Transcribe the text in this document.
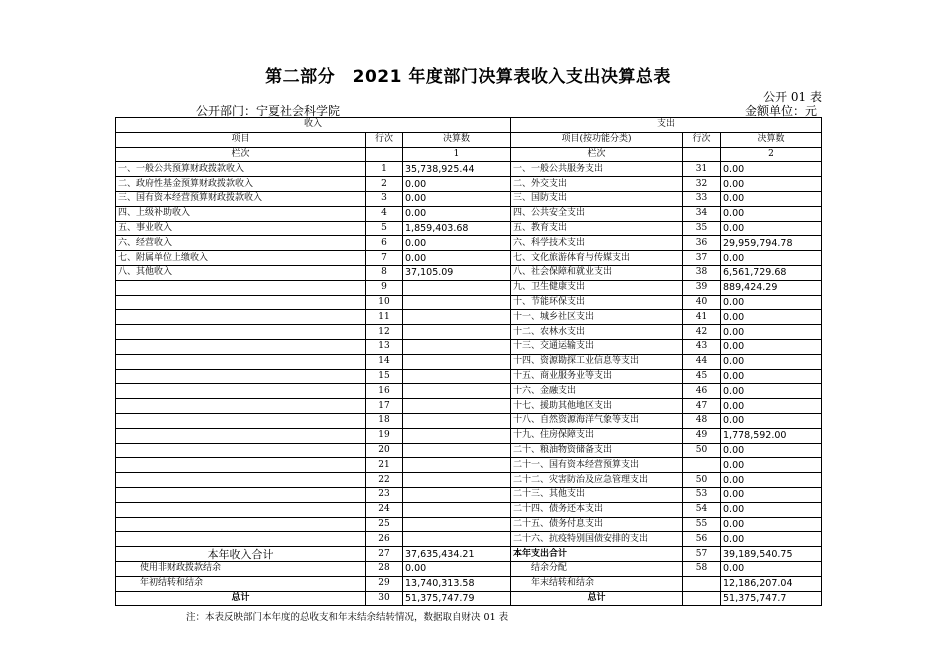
第二部分　2021 年度部门决算表收入支出决算总表
公开 01 表
公开部门：宁夏社会科学院	金额单位：元
收入			支出		
项目	行次	决算数	项目(按功能分类)	行次	决算数
栏次		1	栏次		2
一、一般公共预算财政拨款收入	1	35,738,925.44	一、一般公共服务支出	31	0.00
二、政府性基金预算财政拨款收入	2	0.00	二、外交支出	32	0.00
三、国有资本经营预算财政拨款收入	3	0.00	三、国防支出	33	0.00
四、上级补助收入	4	0.00	四、公共安全支出	34	0.00
五、事业收入	5	1,859,403.68	五、教育支出	35	0.00
六、经营收入	6	0.00	六、科学技术支出	36	29,959,794.78
七、附属单位上缴收入	7	0.00	七、文化旅游体育与传媒支出	37	0.00
八、其他收入	8	37,105.09	八、社会保障和就业支出	38	6,561,729.68
	9		九、卫生健康支出	39	889,424.29
	10		十、节能环保支出	40	0.00
	11		十一、城乡社区支出	41	0.00
	12		十二、农林水支出	42	0.00
	13		十三、交通运输支出	43	0.00
	14		十四、资源勘探工业信息等支出	44	0.00
	15		十五、商业服务业等支出	45	0.00
	16		十六、金融支出	46	0.00
	17		十七、援助其他地区支出	47	0.00
	18		十八、自然资源海洋气象等支出	48	0.00
	19		十九、住房保障支出	49	1,778,592.00
	20		二十、粮油物资储备支出	50	0.00
	21		二十一、国有资本经营预算支出		0.00
	22		二十二、灾害防治及应急管理支出	50	0.00
	23		二十三、其他支出	53	0.00
	24		二十四、债务还本支出	54	0.00
	25		二十五、债务付息支出	55	0.00
	26		二十六、抗疫特别国债安排的支出	56	0.00
本年收入合计	27	37,635,434.21	本年支出合计	57	39,189,540.75
使用非财政拨款结余	28	0.00	结余分配	58	0.00
年初结转和结余	29	13,740,313.58	年末结转和结余		12,186,207.04
总计	30	51,375,747.79	总计		51,375,747.7
注：本表反映部门本年度的总收支和年末结余结转情况，数据取自财决 01 表
